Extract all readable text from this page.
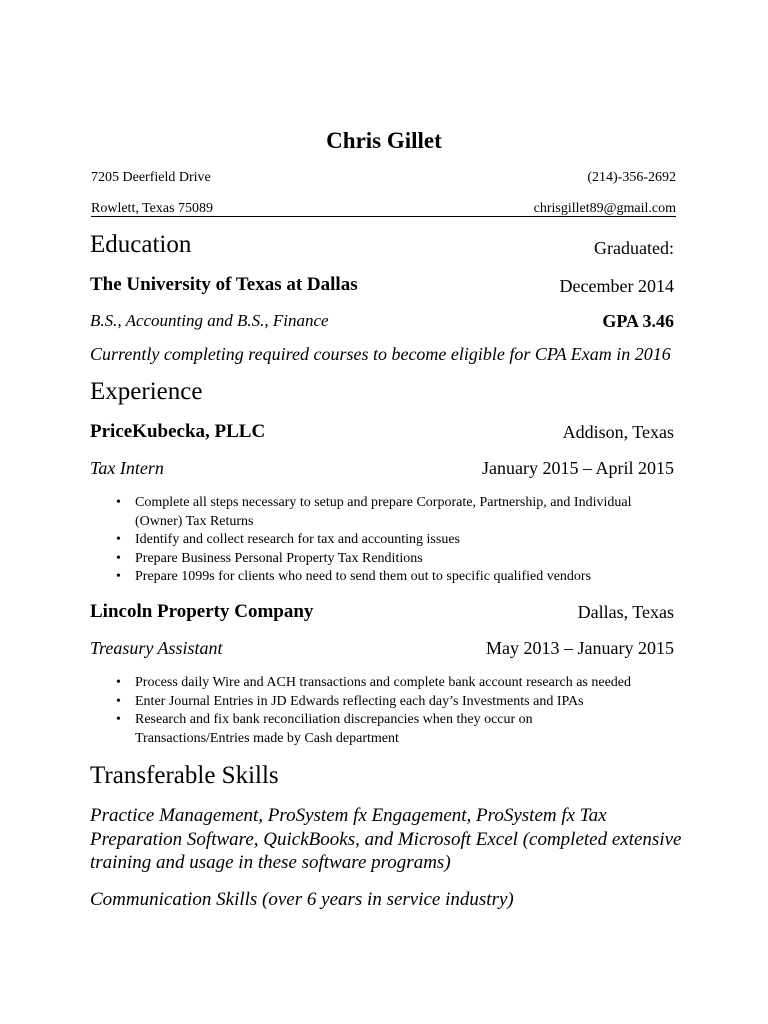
Chris Gillet
7205 Deerfield Drive	(214)-356-2692
Rowlett, Texas 75089	chrisgillet89@gmail.com
Education	Graduated:
The University of Texas at Dallas	December 2014
B.S., Accounting and B.S., Finance	GPA 3.46
Currently completing required courses to become eligible for CPA Exam in 2016
Experience
PriceKubecka, PLLC	Addison, Texas
Tax Intern	January 2015 – April 2015
• Complete all steps necessary to setup and prepare Corporate, Partnership, and Individual (Owner) Tax Returns
• Identify and collect research for tax and accounting issues
• Prepare Business Personal Property Tax Renditions
• Prepare 1099s for clients who need to send them out to specific qualified vendors
Lincoln Property Company	Dallas, Texas
Treasury Assistant	May 2013 – January 2015
• Process daily Wire and ACH transactions and complete bank account research as needed
• Enter Journal Entries in JD Edwards reflecting each day’s Investments and IPAs
• Research and fix bank reconciliation discrepancies when they occur on Transactions/Entries made by Cash department
Transferable Skills
Practice Management, ProSystem fx Engagement, ProSystem fx Tax Preparation Software, QuickBooks, and Microsoft Excel (completed extensive training and usage in these software programs)
Communication Skills (over 6 years in service industry)
